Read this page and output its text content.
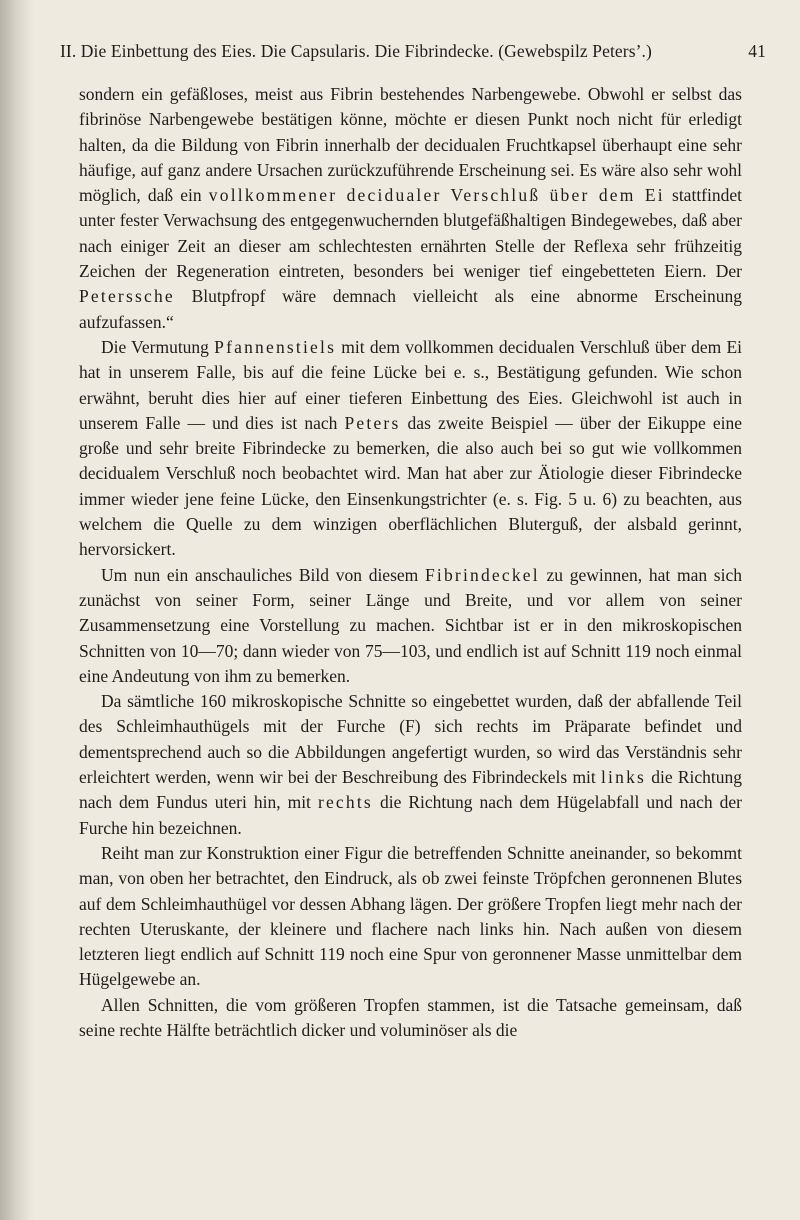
II. Die Einbettung des Eies. Die Capsularis. Die Fibrindecke. (Gewebspilz Peters’.)	41

sondern ein gefäßloses, meist aus Fibrin bestehendes Narbengewebe. Obwohl er selbst das fibrinöse Narbengewebe bestätigen könne, möchte er diesen Punkt noch nicht für erledigt halten, da die Bildung von Fibrin innerhalb der decidualen Fruchtkapsel überhaupt eine sehr häufige, auf ganz andere Ursachen zurückzuführende Erscheinung sei. Es wäre also sehr wohl möglich, daß ein vollkommener decidualer Verschluß über dem Ei stattfindet unter fester Verwachsung des entgegenwuchernden blutgefäßhaltigen Bindegewebes, daß aber nach einiger Zeit an dieser am schlechtesten ernährten Stelle der Reflexa sehr frühzeitig Zeichen der Regeneration eintreten, besonders bei weniger tief eingebetteten Eiern. Der Peterssche Blutpfropf wäre demnach vielleicht als eine abnorme Erscheinung aufzufassen.“

Die Vermutung Pfannenstiels mit dem vollkommen decidualen Verschluß über dem Ei hat in unserem Falle, bis auf die feine Lücke bei e. s., Bestätigung gefunden. Wie schon erwähnt, beruht dies hier auf einer tieferen Einbettung des Eies. Gleichwohl ist auch in unserem Falle — und dies ist nach Peters das zweite Beispiel — über der Eikuppe eine große und sehr breite Fibrindecke zu bemerken, die also auch bei so gut wie vollkommen decidualem Verschluß noch beobachtet wird. Man hat aber zur Ätiologie dieser Fibrindecke immer wieder jene feine Lücke, den Einsenkungstrichter (e. s. Fig. 5 u. 6) zu beachten, aus welchem die Quelle zu dem winzigen oberflächlichen Bluterguß, der alsbald gerinnt, hervorsickert.

Um nun ein anschauliches Bild von diesem Fibrindeckel zu gewinnen, hat man sich zunächst von seiner Form, seiner Länge und Breite, und vor allem von seiner Zusammensetzung eine Vorstellung zu machen. Sichtbar ist er in den mikroskopischen Schnitten von 10—70; dann wieder von 75—103, und endlich ist auf Schnitt 119 noch einmal eine Andeutung von ihm zu bemerken.

Da sämtliche 160 mikroskopische Schnitte so eingebettet wurden, daß der abfallende Teil des Schleimhauthügels mit der Furche (F) sich rechts im Präparate befindet und dementsprechend auch so die Abbildungen angefertigt wurden, so wird das Verständnis sehr erleichtert werden, wenn wir bei der Beschreibung des Fibrindeckels mit links die Richtung nach dem Fundus uteri hin, mit rechts die Richtung nach dem Hügelabfall und nach der Furche hin bezeichnen.

Reiht man zur Konstruktion einer Figur die betreffenden Schnitte aneinander, so bekommt man, von oben her betrachtet, den Eindruck, als ob zwei feinste Tröpfchen geronnenen Blutes auf dem Schleimhauthügel vor dessen Abhang lägen. Der größere Tropfen liegt mehr nach der rechten Uteruskante, der kleinere und flachere nach links hin. Nach außen von diesem letzteren liegt endlich auf Schnitt 119 noch eine Spur von geronnener Masse unmittelbar dem Hügelgewebe an.

Allen Schnitten, die vom größeren Tropfen stammen, ist die Tatsache gemeinsam, daß seine rechte Hälfte beträchtlich dicker und voluminöser als die
